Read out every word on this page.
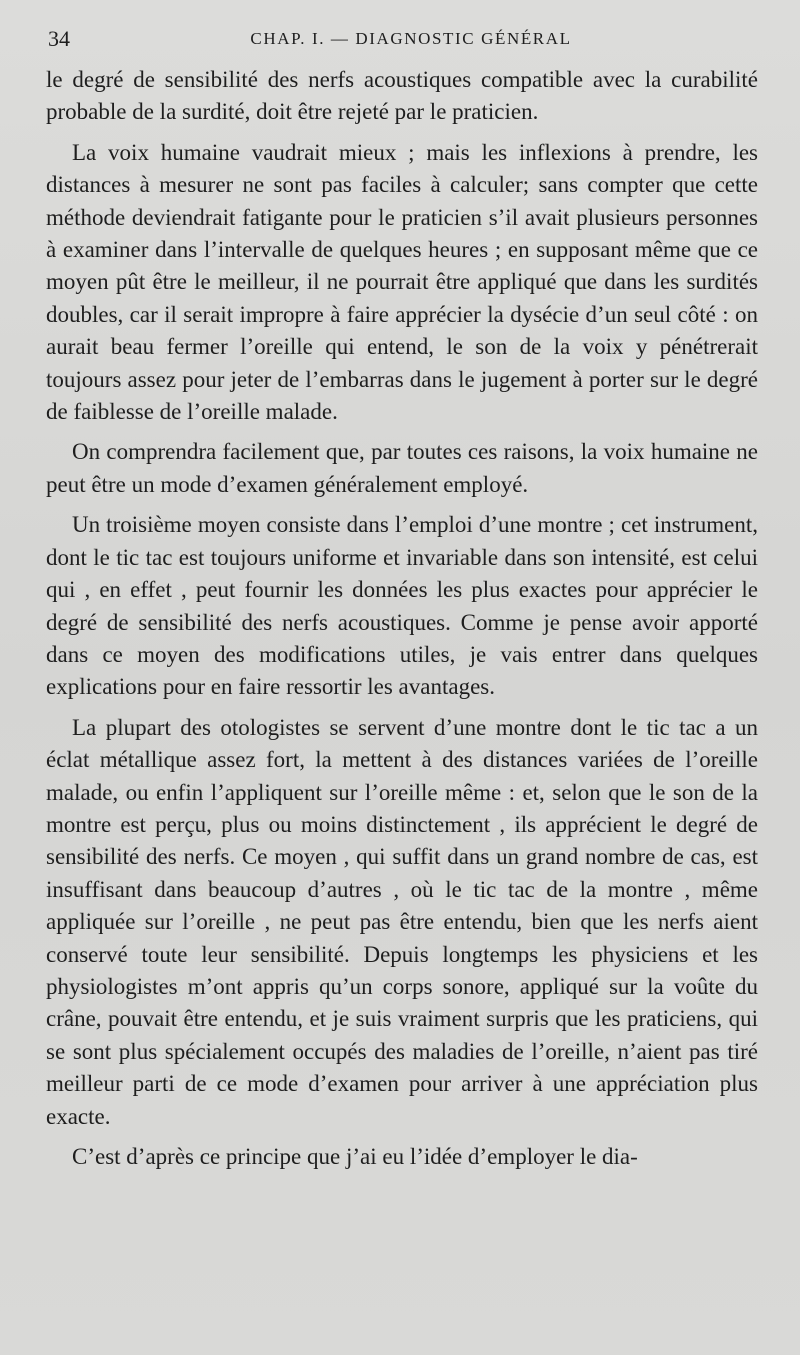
34	CHAP. I. — DIAGNOSTIC GÉNÉRAL

le degré de sensibilité des nerfs acoustiques compatible avec la curabilité probable de la surdité, doit être rejeté par le praticien.

La voix humaine vaudrait mieux ; mais les inflexions à prendre, les distances à mesurer ne sont pas faciles à calculer; sans compter que cette méthode deviendrait fatigante pour le praticien s’il avait plusieurs personnes à examiner dans l’intervalle de quelques heures ; en supposant même que ce moyen pût être le meilleur, il ne pourrait être appliqué que dans les surdités doubles, car il serait impropre à faire apprécier la dysécie d’un seul côté : on aurait beau fermer l’oreille qui entend, le son de la voix y pénétrerait toujours assez pour jeter de l’embarras dans le jugement à porter sur le degré de faiblesse de l’oreille malade.

On comprendra facilement que, par toutes ces raisons, la voix humaine ne peut être un mode d’examen généralement employé.

Un troisième moyen consiste dans l’emploi d’une montre ; cet instrument, dont le tic tac est toujours uniforme et invariable dans son intensité, est celui qui , en effet , peut fournir les données les plus exactes pour apprécier le degré de sensibilité des nerfs acoustiques. Comme je pense avoir apporté dans ce moyen des modifications utiles, je vais entrer dans quelques explications pour en faire ressortir les avantages.

La plupart des otologistes se servent d’une montre dont le tic tac a un éclat métallique assez fort, la mettent à des distances variées de l’oreille malade, ou enfin l’appliquent sur l’oreille même : et, selon que le son de la montre est perçu, plus ou moins distinctement , ils apprécient le degré de sensibilité des nerfs. Ce moyen , qui suffit dans un grand nombre de cas, est insuffisant dans beaucoup d’autres , où le tic tac de la montre , même appliquée sur l’oreille , ne peut pas être entendu, bien que les nerfs aient conservé toute leur sensibilité. Depuis longtemps les physiciens et les physiologistes m’ont appris qu’un corps sonore, appliqué sur la voûte du crâne, pouvait être entendu, et je suis vraiment surpris que les praticiens, qui se sont plus spécialement occupés des maladies de l’oreille, n’aient pas tiré meilleur parti de ce mode d’examen pour arriver à une appréciation plus exacte.

C’est d’après ce principe que j’ai eu l’idée d’employer le dia-
